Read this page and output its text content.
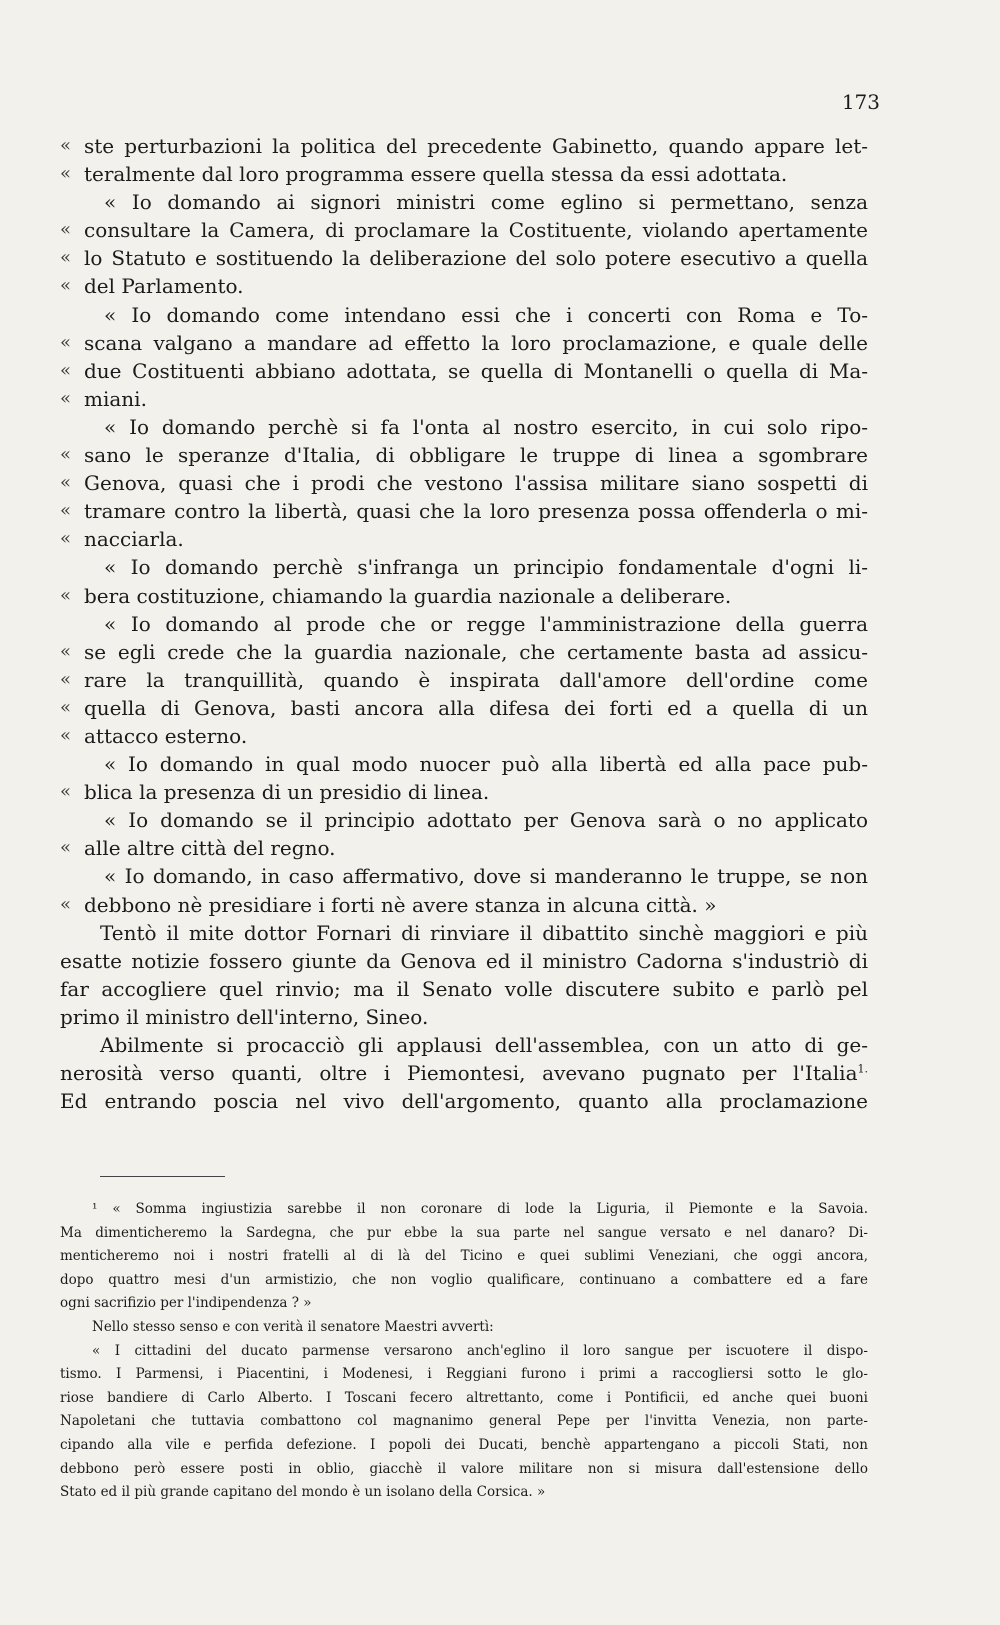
173
« ste perturbazioni la politica del precedente Gabinetto, quando appare let-
« teralmente dal loro programma essere quella stessa da essi adottata.
« Io domando ai signori ministri come eglino si permettano, senza
« consultare la Camera, di proclamare la Costituente, violando apertamente
« lo Statuto e sostituendo la deliberazione del solo potere esecutivo a quella
« del Parlamento.
« Io domando come intendano essi che i concerti con Roma e To-
« scana valgano a mandare ad effetto la loro proclamazione, e quale delle
« due Costituenti abbiano adottata, se quella di Montanelli o quella di Ma-
« miani.
« Io domando perchè si fa l'onta al nostro esercito, in cui solo ripo-
« sano le speranze d'Italia, di obbligare le truppe di linea a sgombrare
« Genova, quasi che i prodi che vestono l'assisa militare siano sospetti di
« tramare contro la libertà, quasi che la loro presenza possa offenderla o mi-
« nacciarla.
« Io domando perchè s'infranga un principio fondamentale d'ogni li-
« bera costituzione, chiamando la guardia nazionale a deliberare.
« Io domando al prode che or regge l'amministrazione della guerra
« se egli crede che la guardia nazionale, che certamente basta ad assicu-
« rare la tranquillità, quando è inspirata dall'amore dell'ordine come
« quella di Genova, basti ancora alla difesa dei forti ed a quella di un
« attacco esterno.
« Io domando in qual modo nuocer può alla libertà ed alla pace pub-
« blica la presenza di un presidio di linea.
« Io domando se il principio adottato per Genova sarà o no applicato
« alle altre città del regno.
« Io domando, in caso affermativo, dove si manderanno le truppe, se non
« debbono nè presidiare i forti nè avere stanza in alcuna città. »
Tentò il mite dottor Fornari di rinviare il dibattito sinchè maggiori e più
esatte notizie fossero giunte da Genova ed il ministro Cadorna s'industriò di
far accogliere quel rinvio; ma il Senato volle discutere subito e parlò pel
primo il ministro dell'interno, Sineo.
Abilmente si procacciò gli applausi dell'assemblea, con un atto di ge-
nerosità verso quanti, oltre i Piemontesi, avevano pugnato per l'Italia$^{1.}$
Ed entrando poscia nel vivo dell'argomento, quanto alla proclamazione
¹ « Somma ingiustizia sarebbe il non coronare di lode la Liguria, il Piemonte e la Savoia.
Ma dimenticheremo la Sardegna, che pur ebbe la sua parte nel sangue versato e nel danaro? Di-
menticheremo noi i nostri fratelli al di là del Ticino e quei sublimi Veneziani, che oggi ancora,
dopo quattro mesi d'un armistizio, che non voglio qualificare, continuano a combattere ed a fare
ogni sacrifizio per l'indipendenza ? »
Nello stesso senso e con verità il senatore Maestri avvertì:
« I cittadini del ducato parmense versarono anch'eglino il loro sangue per iscuotere il dispo-
tismo. I Parmensi, i Piacentini, i Modenesi, i Reggiani furono i primi a raccogliersi sotto le glo-
riose bandiere di Carlo Alberto. I Toscani fecero altrettanto, come i Pontificii, ed anche quei buoni
Napoletani che tuttavia combattono col magnanimo general Pepe per l'invitta Venezia, non parte-
cipando alla vile e perfida defezione. I popoli dei Ducati, benchè appartengano a piccoli Stati, non
debbono però essere posti in oblio, giacchè il valore militare non si misura dall'estensione dello
Stato ed il più grande capitano del mondo è un isolano della Corsica. »
